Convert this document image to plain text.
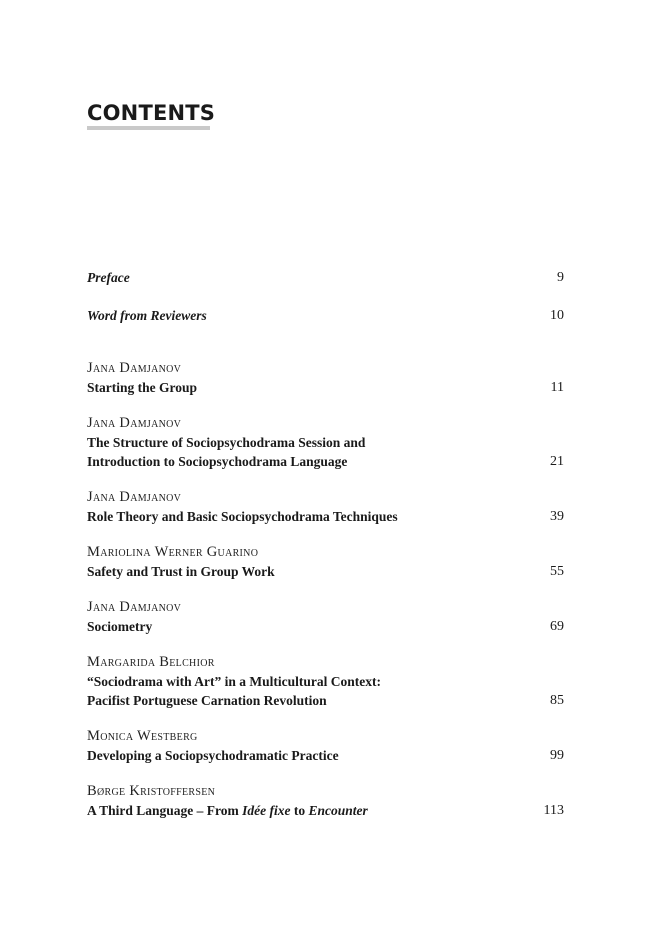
CONTENTS
Preface	9
Word from Reviewers	10
Jana Damjanov
Starting the Group	11
Jana Damjanov
The Structure of Sociopsychodrama Session and
Introduction to Sociopsychodrama Language	21
Jana Damjanov
Role Theory and Basic Sociopsychodrama Techniques	39
Mariolina Werner Guarino
Safety and Trust in Group Work	55
Jana Damjanov
Sociometry	69
Margarida Belchior
“Sociodrama with Art” in a Multicultural Context:
Pacifist Portuguese Carnation Revolution	85
Monica Westberg
Developing a Sociopsychodramatic Practice	99
Børge Kristoffersen
A Third Language – From Idée fixe to Encounter	113
